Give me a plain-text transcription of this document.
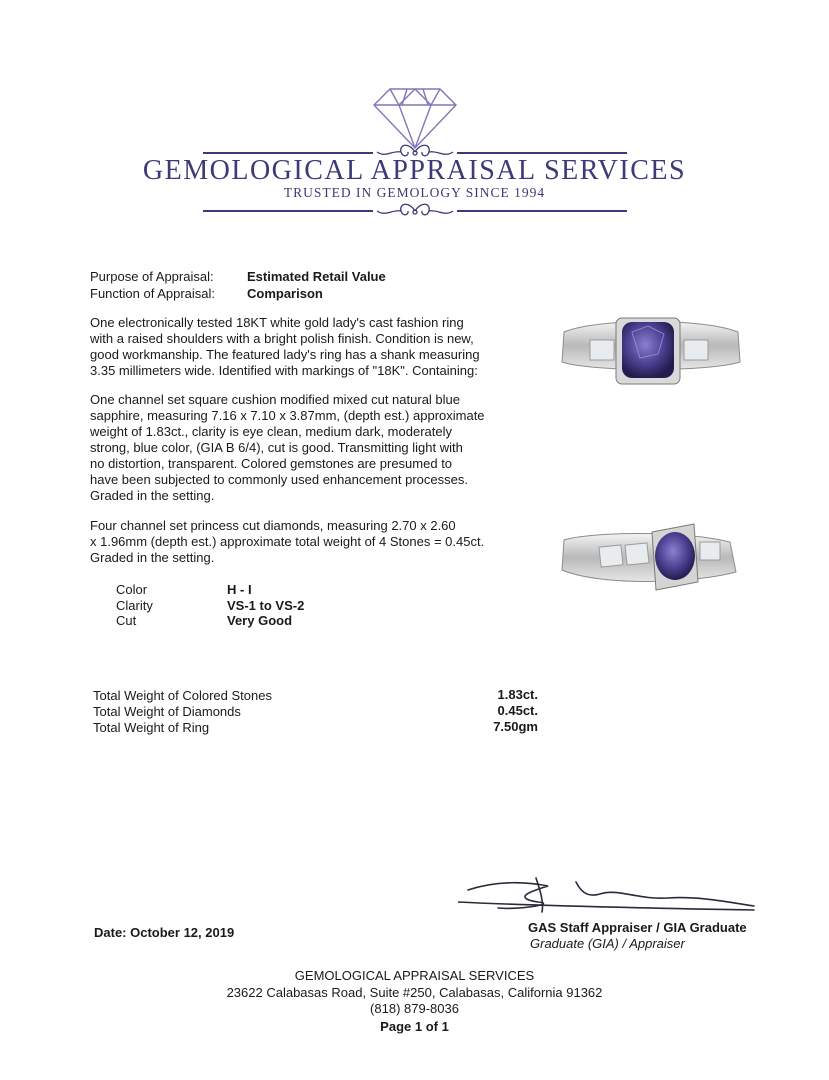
GEMOLOGICAL APPRAISAL SERVICES
TRUSTED IN GEMOLOGY SINCE 1994
Purpose of Appraisal:	Estimated Retail Value
Function of Appraisal: Comparison

One electronically tested 18KT white gold lady's cast fashion ring

with a raised shoulders with a bright polish finish. Condition is new,

good workmanship. The featured lady's ring has a shank measuring

3.35 millimeters wide. Identified with markings of "18K". Containing:

One channel set square cushion modified mixed cut natural blue

sapphire, measuring 7.16 x 7.10 x 3.87mm, (depth est.) approximate

weight of 1.83ct., clarity is eye clean, medium dark, moderately

strong, blue color, (GIA B 6/4), cut is good. Transmitting light with

no distortion, transparent. Colored gemstones are presumed to

have been subjected to commonly used enhancement processes.

Graded in the setting.

Four channel set princess cut diamonds, measuring 2.70 x 2.60

x 1.96mm (depth est.) approximate total weight of 4 Stones = 0.45ct.

Graded in the setting.

Color	H - I
Clarity	VS-1 to VS-2
Cut	Very Good
Total Weight of Colored Stones	1.83ct.
Total Weight of Diamonds	0.45ct.
Total Weight of Ring	7.50gm
Date: October 12, 2019	GAS Staff Appraiser / GIA Graduate
Graduate (GIA) / Appraiser
GEMOLOGICAL APPRAISAL SERVICES
23622 Calabasas Road, Suite #250, Calabasas, California 91362
(818) 879-8036
Page 1 of 1
